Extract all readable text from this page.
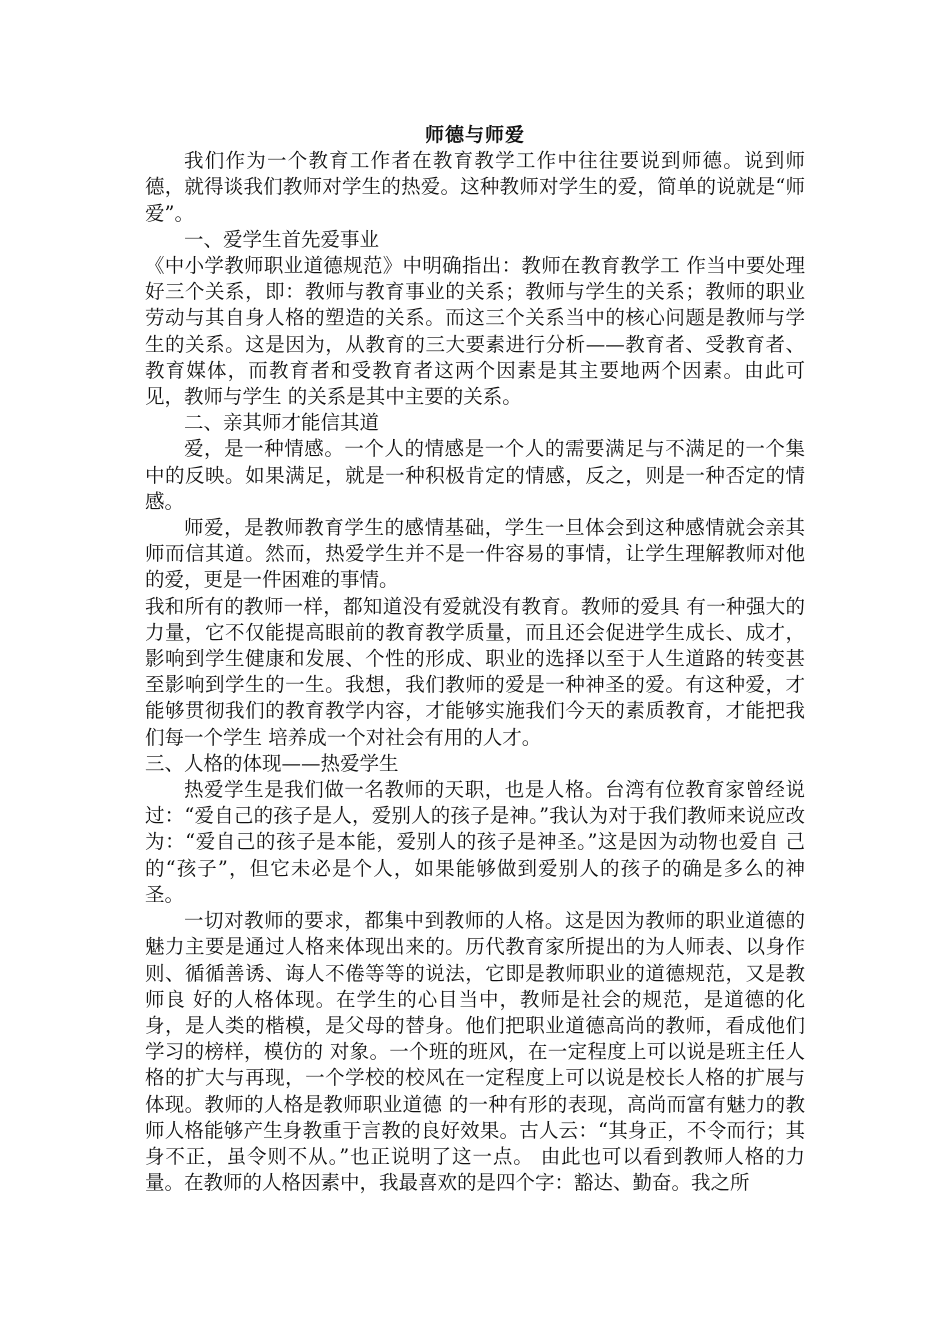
师德与师爱

我们作为一个教育工作者在教育教学工作中往往要说到师德。说到师德，就得谈我们教师对学生的热爱。这种教师对学生的爱，简单的说就是“师爱”。

一、爱学生首先爱事业

《中小学教师职业道德规范》中明确指出：教师在教育教学工 作当中要处理好三个关系，即：教师与教育事业的关系；教师与学生的关系；教师的职业劳动与其自身人格的塑造的关系。而这三个关系当中的核心问题是教师与学 生的关系。这是因为，从教育的三大要素进行分析——教育者、受教育者、教育媒体，而教育者和受教育者这两个因素是其主要地两个因素。由此可见，教师与学生 的关系是其中主要的关系。

二、亲其师才能信其道

爱，是一种情感。一个人的情感是一个人的需要满足与不满足的一个集中的反映。如果满足，就是一种积极肯定的情感，反之，则是一种否定的情感。

师爱，是教师教育学生的感情基础，学生一旦体会到这种感情就会亲其师而信其道。然而，热爱学生并不是一件容易的事情，让学生理解教师对他的爱，更是一件困难的事情。

我和所有的教师一样，都知道没有爱就没有教育。教师的爱具 有一种强大的力量，它不仅能提高眼前的教育教学质量，而且还会促进学生成长、成才，影响到学生健康和发展、个性的形成、职业的选择以至于人生道路的转变甚 至影响到学生的一生。我想，我们教师的爱是一种神圣的爱。有这种爱，才能够贯彻我们的教育教学内容，才能够实施我们今天的素质教育，才能把我们每一个学生 培养成一个对社会有用的人才。

三、人格的体现——热爱学生

热爱学生是我们做一名教师的天职，也是人格。台湾有位教育家曾经说过：“爱自己的孩子是人，爱别人的孩子是神。”我认为对于我们教师来说应改为：“爱自己的孩子是本能，爱别人的孩子是神圣。”这是因为动物也爱自 己的“孩子”，但它未必是个人，如果能够做到爱别人的孩子的确是多么的神圣。

一切对教师的要求，都集中到教师的人格。这是因为教师的职业道德的魅力主要是通过人格来体现出来的。历代教育家所提出的为人师表、以身作则、循循善诱、诲人不倦等等的说法，它即是教师职业的道德规范，又是教师良 好的人格体现。在学生的心目当中，教师是社会的规范，是道德的化身，是人类的楷模，是父母的替身。他们把职业道德高尚的教师，看成他们学习的榜样，模仿的 对象。一个班的班风，在一定程度上可以说是班主任人格的扩大与再现，一个学校的校风在一定程度上可以说是校长人格的扩展与体现。教师的人格是教师职业道德 的一种有形的表现，高尚而富有魅力的教师人格能够产生身教重于言教的良好效果。古人云：“其身正，不令而行；其身不正，虽令则不从。”也正说明了这一点。 由此也可以看到教师人格的力量。在教师的人格因素中，我最喜欢的是四个字：豁达、勤奋。我之所
